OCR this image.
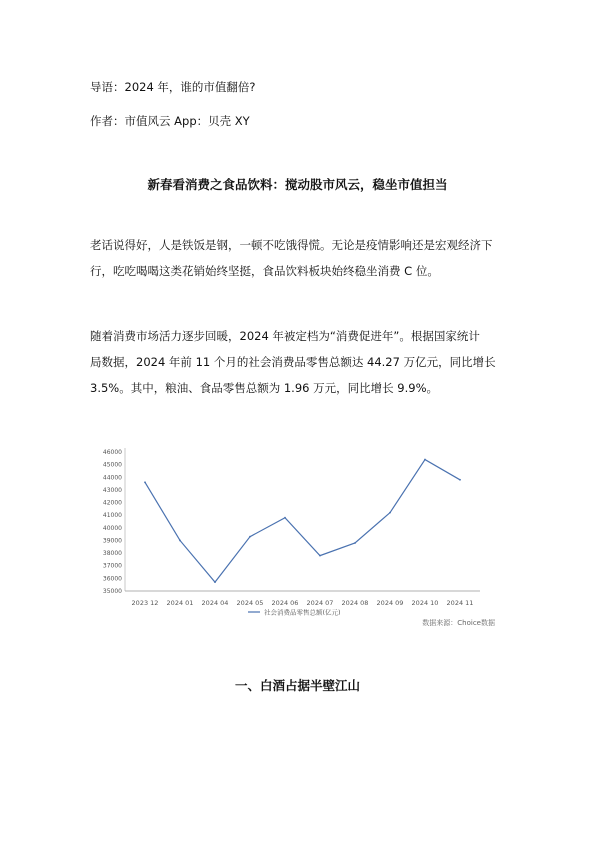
导语：2024 年，谁的市值翻倍?
作者：市值风云 App：贝壳 XY
新春看消费之食品饮料：搅动股市风云，稳坐市值担当
老话说得好，人是铁饭是钢，一顿不吃饿得慌。无论是疫情影响还是宏观经济下
行，吃吃喝喝这类花销始终坚挺，食品饮料板块始终稳坐消费 C 位。
随着消费市场活力逐步回暖，2024 年被定档为“消费促进年”。根据国家统计
局数据，2024 年前 11 个月的社会消费品零售总额达 44.27 万亿元，同比增长
3.5%。其中，粮油、食品零售总额为 1.96 万元，同比增长 9.9%。
35000
36000
37000
38000
39000
40000
41000
42000
43000
44000
45000
46000
2023 12 2024 01 2024 04 2024 05 2024 06 2024 07 2024 08 2024 09 2024 10 2024 11
社会消费品零售总额(亿元)
数据来源：Choice数据
一、白酒占据半壁江山
